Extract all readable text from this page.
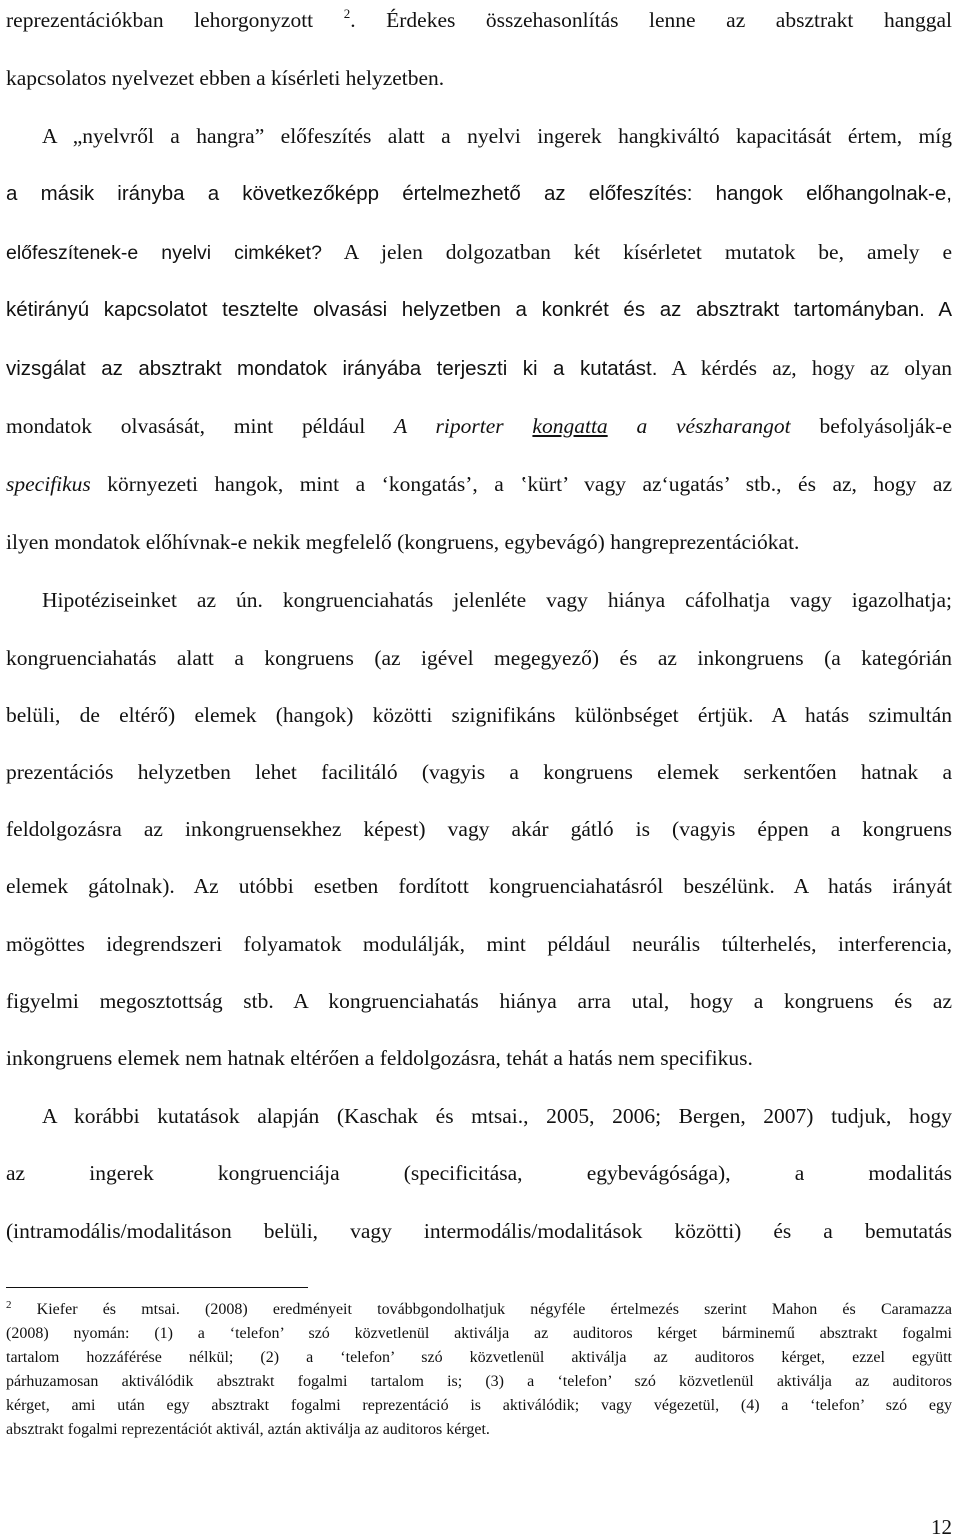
reprezentációkban lehorgonyzott $^2$. Érdekes összehasonlítás lenne az absztrakt hanggal
kapcsolatos nyelvezet ebben a kísérleti helyzetben.
A „nyelvről a hangra” előfeszítés alatt a nyelvi ingerek hangkiváltó kapacitását értem, míg
a másik irányba a következőképp értelmezhető az előfeszítés: hangok előhangolnak-e,
előfeszítenek-e nyelvi cimkéket? A jelen dolgozatban két kísérletet mutatok be, amely e
kétirányú kapcsolatot tesztelte olvasási helyzetben a konkrét és az absztrakt tartományban. A
vizsgálat az absztrakt mondatok irányába terjeszti ki a kutatást. A kérdés az, hogy az olyan
mondatok olvasását, mint például A riporter kongatta a vészharangot befolyásolják-e
specifikus környezeti hangok, mint a ‘kongatás’, a ‛kürt’ vagy az‘ugatás’ stb., és az, hogy az
ilyen mondatok előhívnak-e nekik megfelelő (kongruens, egybevágó) hangreprezentációkat.
Hipotéziseinket az ún. kongruenciahatás jelenléte vagy hiánya cáfolhatja vagy igazolhatja;
kongruenciahatás alatt a kongruens (az igével megegyező) és az inkongruens (a kategórián
belüli, de eltérő) elemek (hangok) közötti szignifikáns különbséget értjük. A hatás szimultán
prezentációs helyzetben lehet facilitáló (vagyis a kongruens elemek serkentően hatnak a
feldolgozásra az inkongruensekhez képest) vagy akár gátló is (vagyis éppen a kongruens
elemek gátolnak). Az utóbbi esetben fordított kongruenciahatásról beszélünk. A hatás irányát
mögöttes idegrendszeri folyamatok modulálják, mint például neurális túlterhelés, interferencia,
figyelmi megosztottság stb. A kongruenciahatás hiánya arra utal, hogy a kongruens és az
inkongruens elemek nem hatnak eltérően a feldolgozásra, tehát a hatás nem specifikus.
A korábbi kutatások alapján (Kaschak és mtsai., 2005, 2006; Bergen, 2007) tudjuk, hogy
az ingerek kongruenciája (specificitása, egybevágósága), a modalitás
(intramodális/modalitáson belüli, vagy intermodális/modalitások közötti) és a bemutatás
$^2$ Kiefer és mtsai. (2008) eredményeit továbbgondolhatjuk négyféle értelmezés szerint Mahon és Caramazza
(2008) nyomán: (1) a ‘telefon’ szó közvetlenül aktiválja az auditoros kérget bárminemű absztrakt fogalmi
tartalom hozzáférése nélkül; (2) a ‘telefon’ szó közvetlenül aktiválja az auditoros kérget, ezzel együtt
párhuzamosan aktiválódik absztrakt fogalmi tartalom is; (3) a ‘telefon’ szó közvetlenül aktiválja az auditoros
kérget, ami után egy absztrakt fogalmi reprezentáció is aktiválódik; vagy végezetül, (4) a ‘telefon’ szó egy
absztrakt fogalmi reprezentációt aktivál, aztán aktiválja az auditoros kérget.
12
